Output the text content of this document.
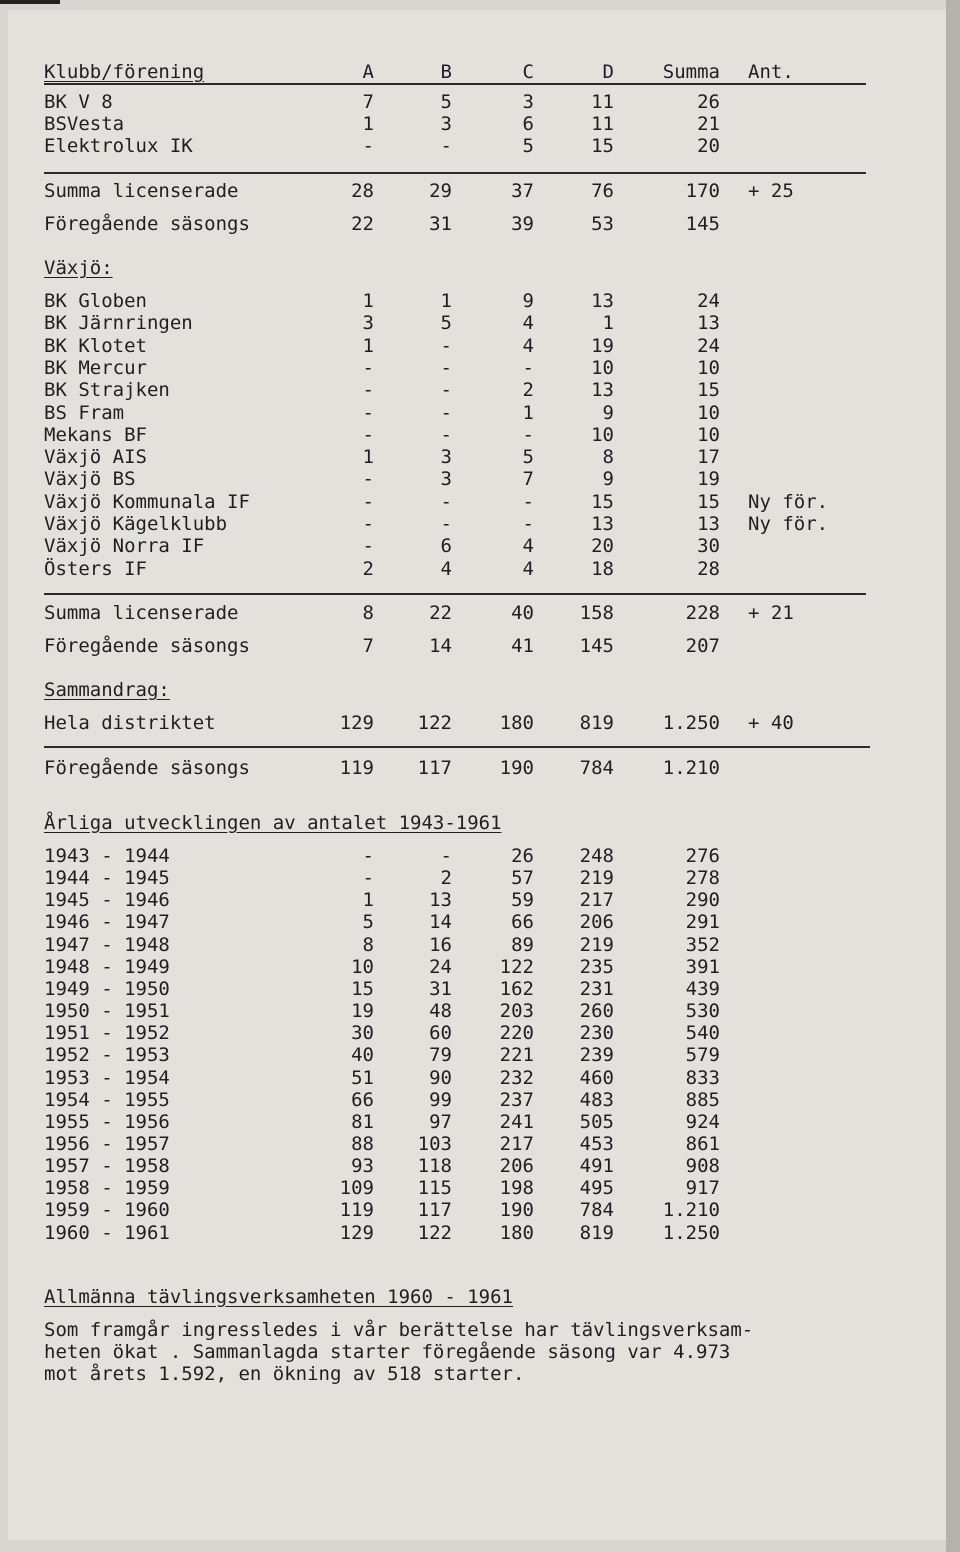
Klubb/förening	A	B	C	D	Summa Ant.
BK V 8	7	5	3	11	26
BSVesta	1	3	6	11	21
Elektrolux IK	-	-	5	15	20
Summa licenserade	28	29	37	76	170 + 25
Föregående säsongs	22	31	39	53	145
Växjö:
BK Globen	1	1	9	13	24
BK Järnringen	3	5	4	1	13
BK Klotet	1	-	4	19	24
BK Mercur	-	-	-	10	10
BK Strajken	-	-	2	13	15
BS Fram	-	-	1	9	10
Mekans BF	-	-	-	10	10
Växjö AIS	1	3	5	8	17
Växjö BS	-	3	7	9	19
Växjö Kommunala IF	-	-	-	15	15 Ny för.
Växjö Kägelklubb	-	-	-	13	13 Ny för.
Växjö Norra IF	-	6	4	20	30
Östers IF	2	4	4	18	28
Summa licenserade	8	22	40 158	228 + 21
Föregående säsongs	7	14	41 145	207
Sammandrag:
Hela distriktet	129 122	180 819	1.250 + 40
Föregående säsongs	119 117	190 784	1.210
Årliga utvecklingen av antalet 1943-1961
1943 - 1944	-	-	26 248	276
1944 - 1945	-	2	57 219	278
1945 - 1946	1	13	59 217	290
1946 - 1947	5	14	66 206	291
1947 - 1948	8	16	89 219	352
1948 - 1949	10	24	122 235	391
1949 - 1950	15	31	162 231	439
1950 - 1951	19	48	203 260	530
1951 - 1952	30	60	220 230	540
1952 - 1953	40	79	221 239	579
1953 - 1954	51	90	232 460	833
1954 - 1955	66	99	237 483	885
1955 - 1956	81	97	241 505	924
1956 - 1957	88 103	217 453	861
1957 - 1958	93 118	206 491	908
1958 - 1959	109 115	198 495	917
1959 - 1960	119 117	190 784	1.210
1960 - 1961	129 122	180 819	1.250
Allmänna tävlingsverksamheten 1960 - 1961
Som framgår ingressledes i vår berättelse har tävlingsverksam-
heten ökat . Sammanlagda starter föregående säsong var 4.973
mot årets 1.592, en ökning av 518 starter.
